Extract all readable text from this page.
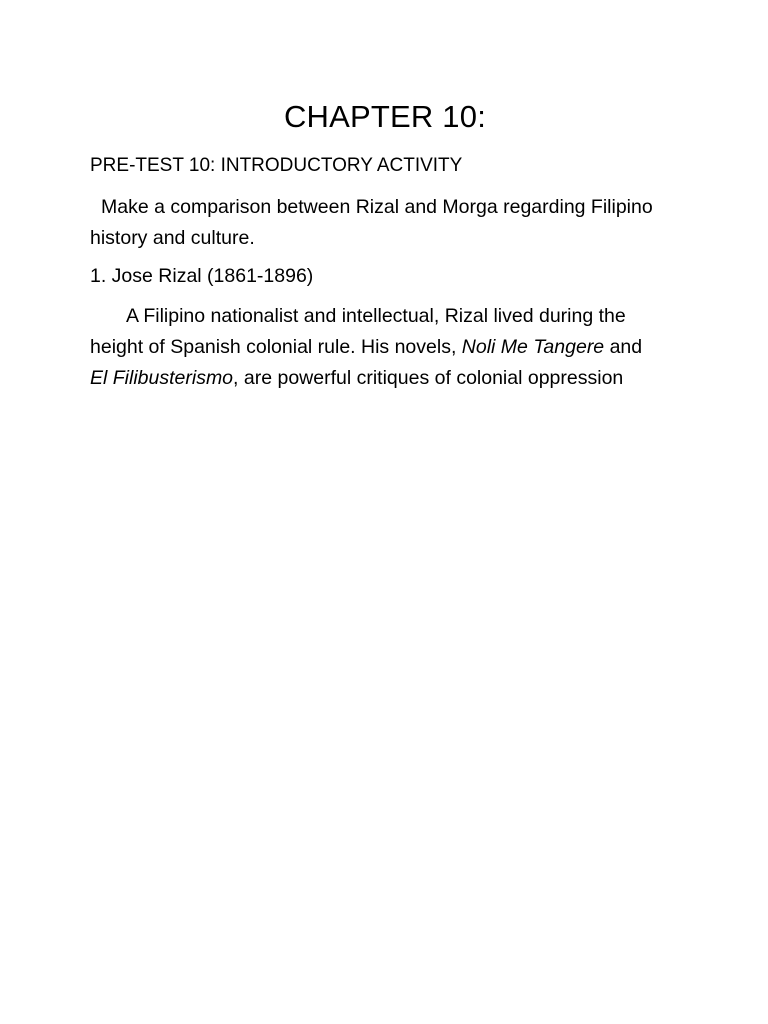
CHAPTER 10:
PRE-TEST 10: INTRODUCTORY ACTIVITY

Make a comparison between Rizal and Morga regarding Filipino history and culture.

1. Jose Rizal (1861-1896)

A Filipino nationalist and intellectual, Rizal lived during the height of Spanish colonial rule. His novels, Noli Me Tangere and
El Filibusterismo, are powerful critiques of colonial oppression
